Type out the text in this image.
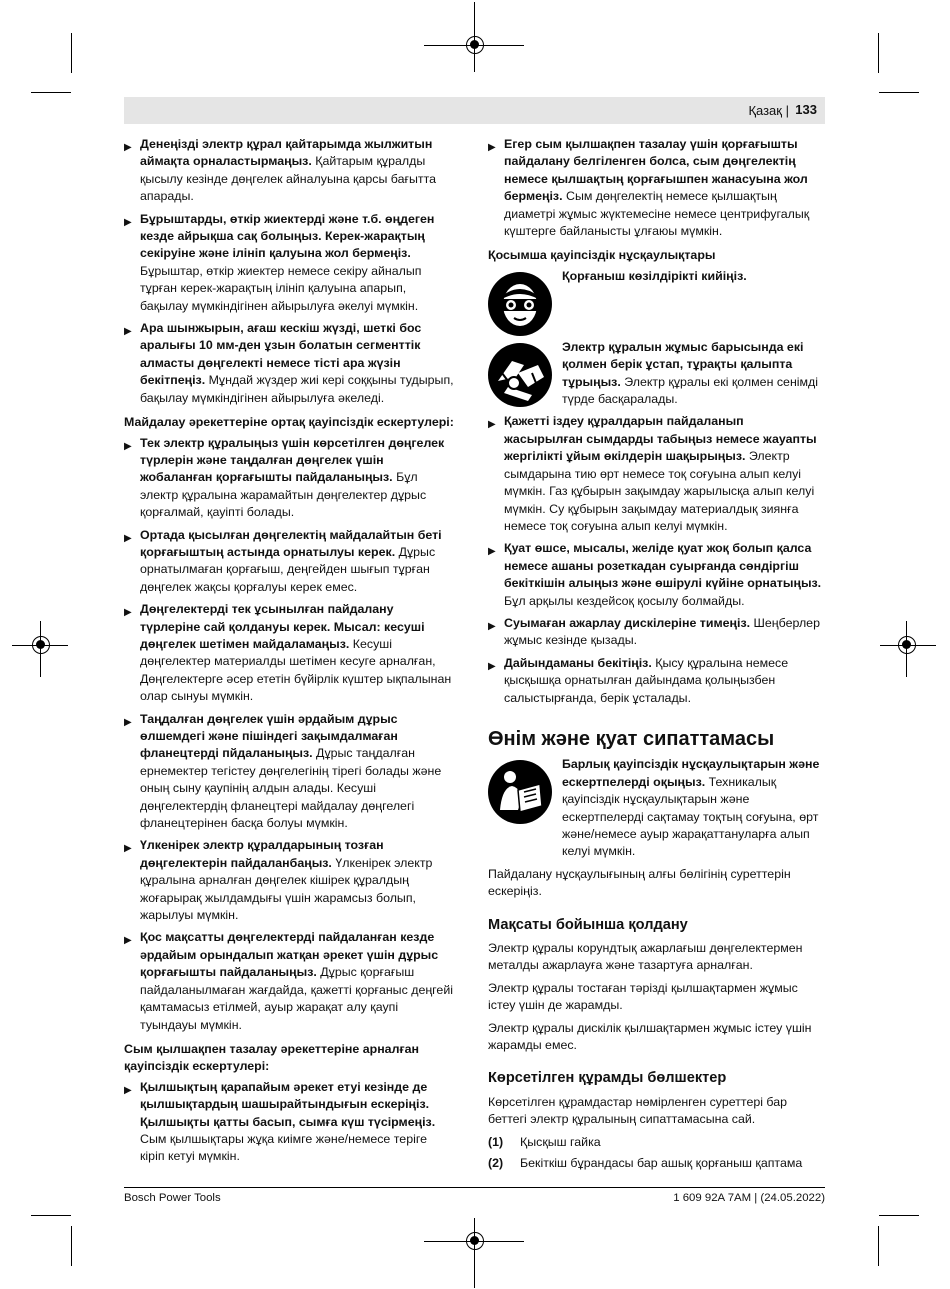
Қазақ | 133
▶ Денеңізді электр құрал қайтарымда жылжитын аймақта орналастырмаңыз. Қайтарым құралды қысылу кезінде дөңгелек айналуына қарсы бағытта апарады.
▶ Бұрыштарды, өткір жиектерді және т.б. өңдеген кезде айрықша сақ болыңыз. Керек-жарақтың секіруіне және ілініп қалуына жол бермеңіз. Бұрыштар, өткір жиектер немесе секіру айналып тұрған керек-жарақтың ілініп қалуына апарып, бақылау мүмкіндігінен айырылуға әкелуі мүмкін.
▶ Ара шынжырын, ағаш кескіш жүзді, шеткі бос аралығы 10 мм-ден ұзын болатын сегменттік алмасты дөңгелекті немесе тісті ара жүзін бекітпеңіз. Мұндай жүздер жиі кері соққыны тудырып, бақылау мүмкіндігінен айырылуға әкеледі.
Майдалау әрекеттеріне ортақ қауіпсіздік ескертулері:
▶ Тек электр құралыңыз үшін көрсетілген дөңгелек түрлерін және таңдалған дөңгелек үшін жобаланған қорғағышты пайдаланыңыз. Бұл электр құралына жарамайтын дөңгелектер дұрыс қорғалмай, қауіпті болады.
▶ Ортада қысылған дөңгелектің майдалайтын беті қорғағыштың астында орнатылуы керек. Дұрыс орнатылмаған қорғағыш, деңгейден шығып тұрған дөңгелек жақсы қорғалуы керек емес.
▶ Дөңгелектерді тек ұсынылған пайдалану түрлеріне сай қолдануы керек. Мысал: кесуші дөңгелек шетімен майдаламаңыз. Кесуші дөңгелектер материалды шетімен кесуге арналған, Дөңгелектерге әсер ететін бүйірлік күштер ықпалынан олар сынуы мүмкін.
▶ Таңдалған дөңгелек үшін әрдайым дұрыс өлшемдегі және пішіндегі зақымдалмаған фланецтерді пйдаланыңыз. Дұрыс таңдалған ернемектер тегістеу дөңгелегінің тірегі болады және оның сыну қаупінің алдын алады. Кесуші дөңгелектердің фланецтері майдалау дөңгелегі фланецтерінен басқа болуы мүмкін.
▶ Үлкенірек электр құралдарының тозған дөңгелектерін пайдаланбаңыз. Үлкенірек электр құралына арналған дөңгелек кішірек құралдың жоғарырақ жылдамдығы үшін жарамсыз болып, жарылуы мүмкін.
▶ Қос мақсатты дөңгелектерді пайдаланған кезде әрдайым орындалып жатқан әрекет үшін дұрыс қорғағышты пайдаланыңыз. Дұрыс қорғағыш пайдаланылмаған жағдайда, қажетті қорғаныс деңгейі қамтамасыз етілмей, ауыр жарақат алу қаупі туындауы мүмкін.
Сым қылшақпен тазалау әрекеттеріне арналған қауіпсіздік ескертулері:
▶ Қылшықтың қарапайым әрекет етуі кезінде де қылшықтардың шашырайтындығын ескеріңіз. Қылшықты қатты басып, сымға күш түсірмеңіз. Сым қылшықтары жұқа киімге және/немесе теріге кіріп кетуі мүмкін.
▶ Егер сым қылшақпен тазалау үшін қорғағышты пайдалану белгіленген болса, сым дөңгелектің немесе қылшақтың қорғағышпен жанасуына жол бермеңіз. Сым дөңгелектің немесе қылшақтың диаметрі жұмыс жүктемесіне немесе центрифугалық күштерге байланысты ұлғаюы мүмкін.
Қосымша қауіпсіздік нұсқаулықтары
Қорғаныш көзілдірікті кийіңіз.
Электр құралын жұмыс барысында екі қолмен берік ұстап, тұрақты қалыпта тұрыңыз. Электр құралы екі қолмен сенімді түрде басқаралады.
▶ Қажетті іздеу құралдарын пайдаланып жасырылған сымдарды табыңыз немесе жауапты жергілікті ұйым өкілдерін шақырыңыз. Электр сымдарына тию өрт немесе тоқ соғуына алып келуі мүмкін. Газ құбырын зақымдау жарылысқа алып келуі мүмкін. Су құбырын зақымдау материалдық зиянға немесе тоқ соғуына алып келуі мүмкін.
▶ Қуат өшсе, мысалы, желіде қуат жоқ болып қалса немесе ашаны розеткадан суырғанда сөндіргіш бекіткішін алыңыз және өшірулі күйіне орнатыңыз. Бұл арқылы кездейсоқ қосылу болмайды.
▶ Суымаған ажарлау дискілеріне тимеңіз. Шеңберлер жұмыс кезінде қызады.
▶ Дайындаманы бекітіңіз. Қысу құралына немесе қысқышқа орнатылған дайындама қолыңызбен салыстырғанда, берік ұсталады.
Өнім және қуат сипаттамасы
Барлық қауіпсіздік нұсқаулықтарын және ескертпелерді оқыңыз. Техникалық қауіпсіздік нұсқаулықтарын және ескертпелерді сақтамау тоқтың соғуына, өрт және/немесе ауыр жарақаттануларға алып келуі мүмкін.

Пайдалану нұсқаулығының алғы бөлігінің суреттерін ескеріңіз.

Мақсаты бойынша қолдану

Электр құралы корундтық ажарлағыш дөңгелектермен металды ажарлауға және тазартуға арналған.

Электр құралы тостаған тәрізді қылшақтармен жұмыс істеу үшін де жарамды.

Электр құралы дискілік қылшақтармен жұмыс істеу үшін жарамды емес.

Көрсетілген құрамды бөлшектер

Көрсетілген құрамдастар нөмірленген суреттері бар беттегі электр құралының сипаттамасына сай.

(1)	Қысқыш гайка
(2)	Бекіткіш бұрандасы бар ашық қорғаныш қаптама
Bosch Power Tools	1 609 92A 7AM | (24.05.2022)
